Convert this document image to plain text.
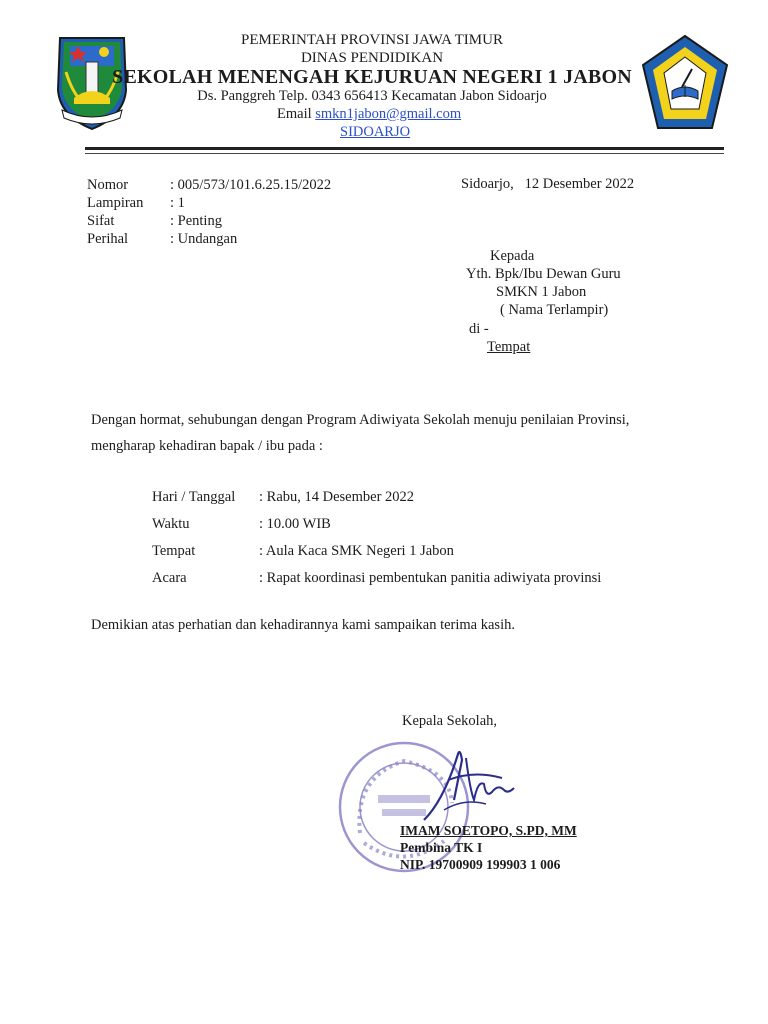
PEMERINTAH PROVINSI JAWA TIMUR
DINAS PENDIDIKAN
SEKOLAH MENENGAH KEJURUAN NEGERI 1 JABON
Ds. Panggreh Telp. 0343 656413 Kecamatan Jabon Sidoarjo
Email smkn1jabon@gmail.com
SIDOARJO
Nomor	: 005/573/101.6.25.15/2022
Lampiran : 1
Sifat	: Penting
Perihal	: Undangan
Sidoarjo,   12 Desember 2022
Kepada
Yth. Bpk/Ibu Dewan Guru
SMKN 1 Jabon
( Nama Terlampir)
di -
Tempat
Dengan hormat, sehubungan dengan Program Adiwiyata Sekolah menuju penilaian Provinsi,
mengharap kehadiran bapak / ibu pada :
Hari / Tanggal : Rabu, 14 Desember 2022
Waktu	: 10.00 WIB
Tempat	: Aula Kaca SMK Negeri 1 Jabon
Acara	: Rapat koordinasi pembentukan panitia adiwiyata provinsi
Demikian atas perhatian dan kehadirannya kami sampaikan terima kasih.
Kepala Sekolah,
IMAM SOETOPO, S.PD, MM
Pembina TK I
NIP. 19700909 199903 1 006
